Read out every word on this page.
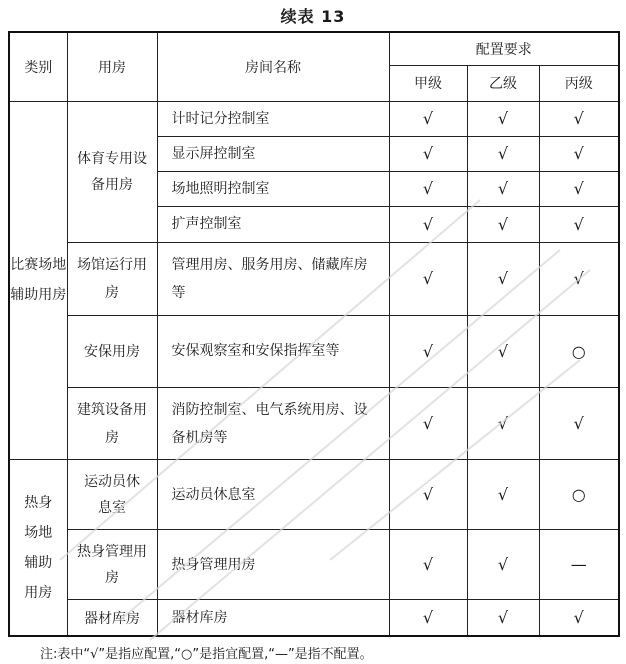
续表 13
类别	用房	房间名称	配置要求		
			甲级	乙级	丙级
比赛场地辅助用房	体育专用设备用房	计时记分控制室	√	√	√
		显示屏控制室	√	√	√
		场地照明控制室	√	√	√
		扩声控制室	√	√	√
	场馆运行用房	管理用房、服务用房、储藏库房等	√	√	√
	安保用房	安保观察室和安保指挥室等	√	√	○
	建筑设备用房	消防控制室、电气系统用房、设备机房等	√	√	√
热身场地辅助用房	运动员休息室	运动员休息室	√	√	○
	热身管理用房	热身管理用房	√	√	—
	器材库房	器材库房	√	√	√
注:表中“√”是指应配置,“○”是指宜配置,“—”是指不配置。
